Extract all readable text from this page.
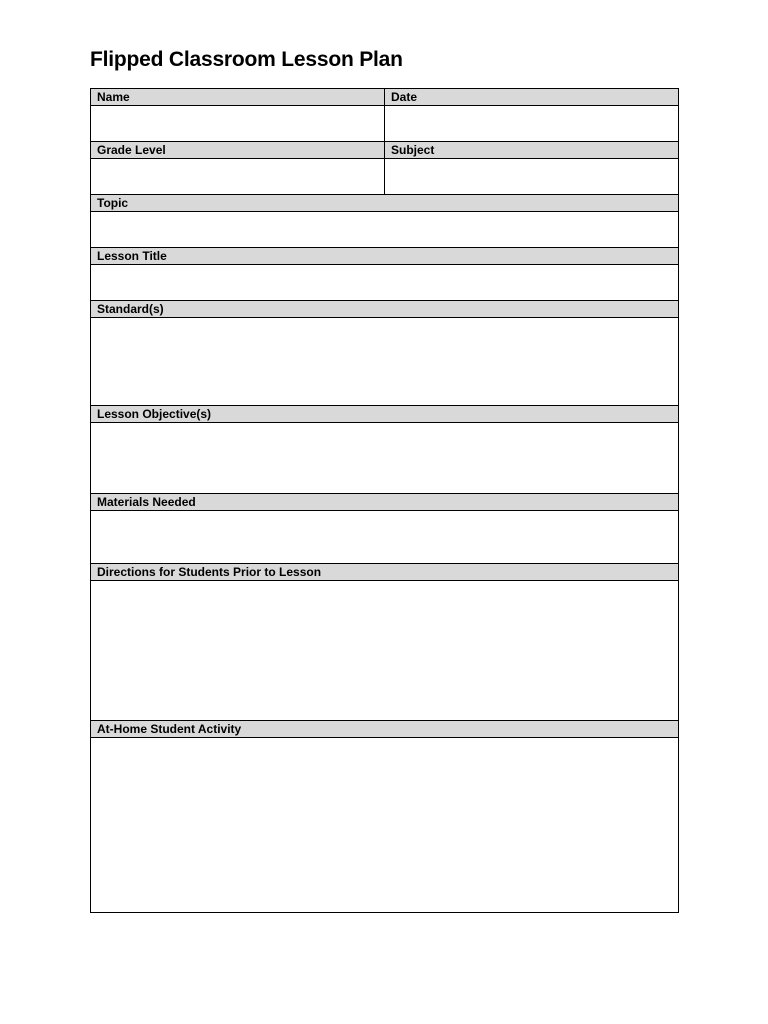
Flipped Classroom Lesson Plan
Name	Date

Grade Level	Subject

Topic	

Lesson Title	

Standard(s)	

Lesson Objective(s)	

Materials Needed	

Directions for Students Prior to Lesson	

At-Home Student Activity	
